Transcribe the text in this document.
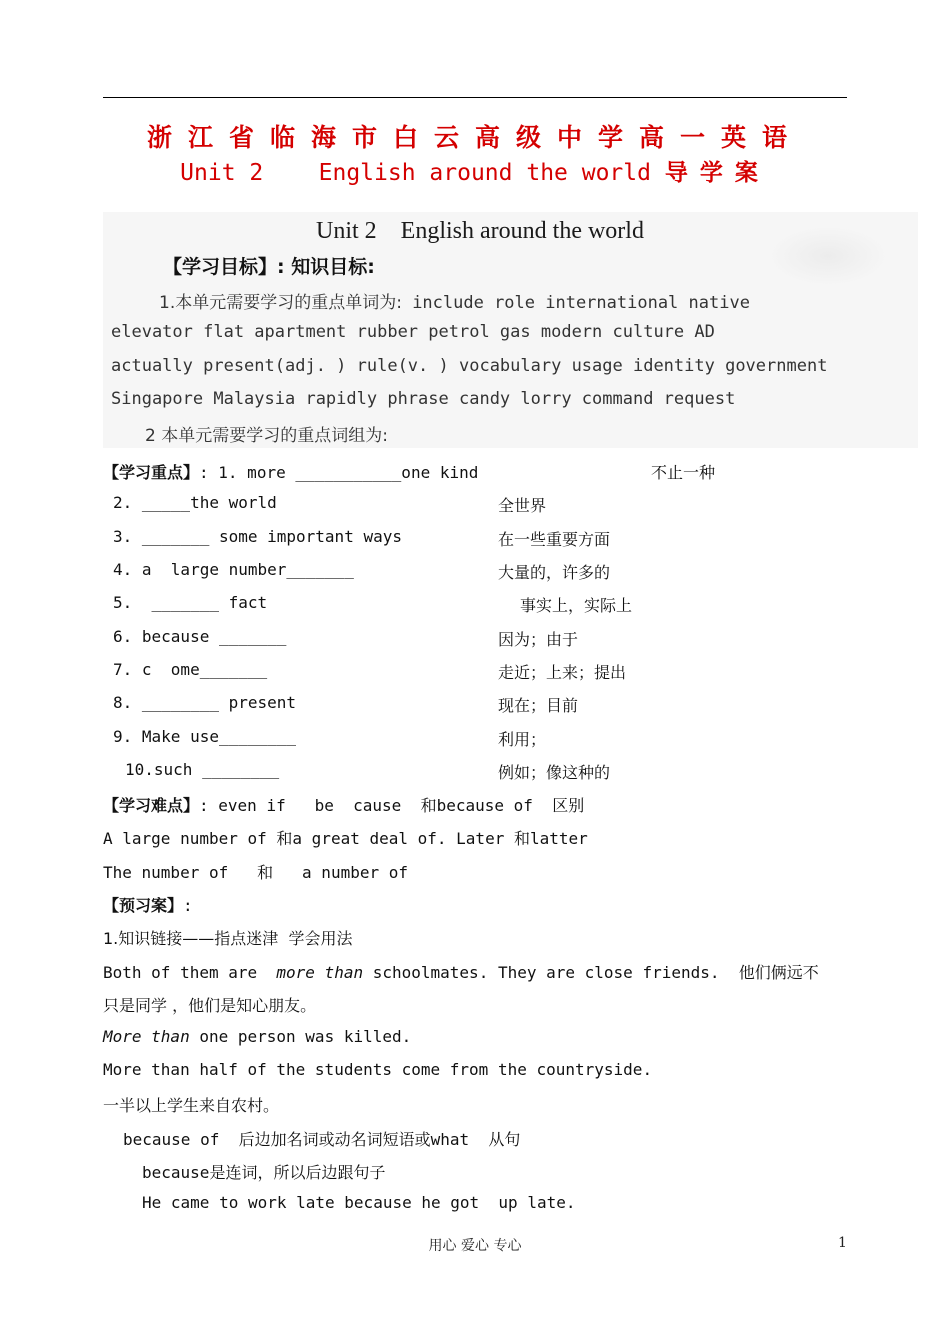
浙江省临海市白云高级中学高一英语
Unit 2    English around the world 导学案
Unit 2    English around the world
【学习目标】: 知识目标:
1.本单元需要学习的重点单词为: include role international native
elevator flat apartment rubber petrol gas modern culture AD
actually present(adj. ) rule(v. ) vocabulary usage identity government
Singapore Malaysia rapidly phrase candy lorry command request
2 本单元需要学习的重点词组为:
【学习重点】: 1. more ___________one kind	不止一种
2. _____the world	全世界
3. _______ some important ways	在一些重要方面
4. a  large number_______	大量的，许多的
5.  _______ fact	事实上，实际上
6. because _______	因为；由于
7. c  ome_______	走近；上来；提出
8. ________ present	现在；目前
9. Make use________	利用；
10.such ________	例如；像这种的
【学习难点】: even if   be  cause  和because of  区别
A large number of 和a great deal of. Later 和latter
The number of   和   a number of
【预习案】:
1.知识链接——指点迷津  学会用法
Both of them are  more than schoolmates. They are close friends.  他们俩远不
只是同学 ，他们是知心朋友。
More than one person was killed.
More than half of the students come from the countryside.
一半以上学生来自农村。
because of  后边加名词或动名词短语或what  从句
because是连词，所以后边跟句子
He came to work late because he got  up late.
用心 爱心 专心	1
